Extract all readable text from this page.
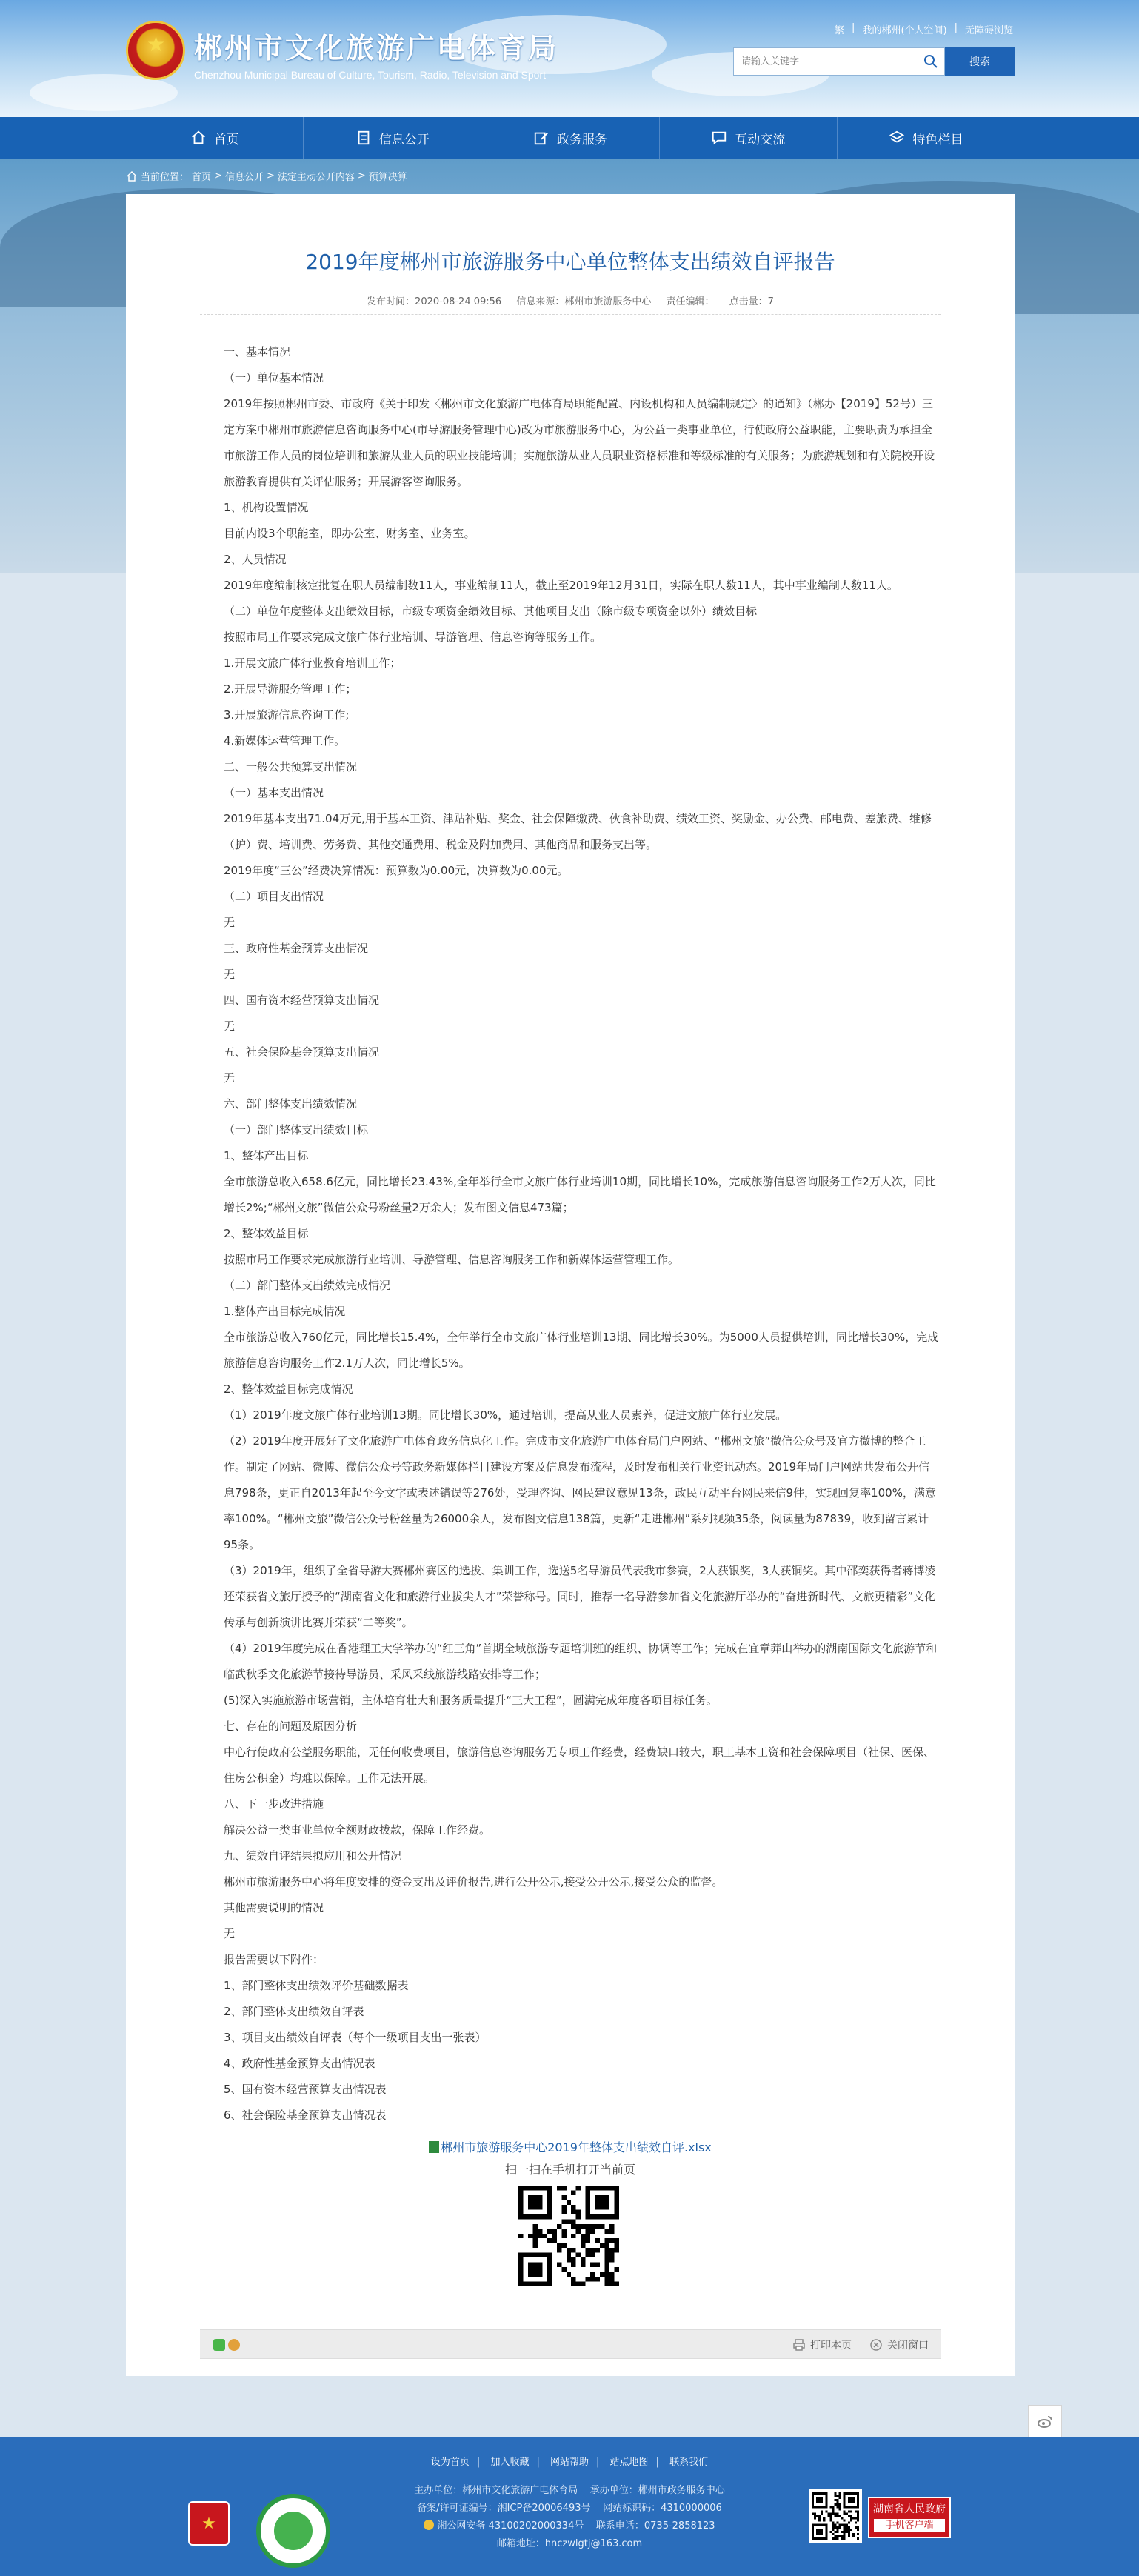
★ 郴州市文化旅游广电体育局
Chenzhou Municipal Bureau of Culture, Tourism, Radio, Television and Sport
繁 | 我的郴州(个人空间) | 无障碍浏览
请输入关键字
搜索
首页	信息公开	政务服务	互动交流	特色栏目
当前位置： 首页 > 信息公开 > 法定主动公开内容 > 预算决算
2019年度郴州市旅游服务中心单位整体支出绩效自评报告
发布时间：2020-08-24 09:56 信息来源：郴州市旅游服务中心 责任编辑： 点击量：7

一、基本情况

（一）单位基本情况

2019年按照郴州市委、市政府《关于印发〈郴州市文化旅游广电体育局职能配置、内设机构和人员编制规定〉的通知》（郴办【2019】52号）三定方案中郴州市旅游信息咨询服务中心(市导游服务管理中心)改为市旅游服务中心，为公益一类事业单位，行使政府公益职能，主要职责为承担全市旅游工作人员的岗位培训和旅游从业人员的职业技能培训；实施旅游从业人员职业资格标准和等级标准的有关服务；为旅游规划和有关院校开设旅游教育提供有关评估服务；开展游客咨询服务。

1、机构设置情况

目前内设3个职能室，即办公室、财务室、业务室。

2、人员情况

2019年度编制核定批复在职人员编制数11人，事业编制11人，截止至2019年12月31日，实际在职人数11人，其中事业编制人数11人。

（二）单位年度整体支出绩效目标，市级专项资金绩效目标、其他项目支出（除市级专项资金以外）绩效目标

按照市局工作要求完成文旅广体行业培训、导游管理、信息咨询等服务工作。

1.开展文旅广体行业教育培训工作；

2.开展导游服务管理工作；

3.开展旅游信息咨询工作;

4.新媒体运营管理工作。

二、一般公共预算支出情况

（一）基本支出情况

2019年基本支出71.04万元,用于基本工资、津贴补贴、奖金、社会保障缴费、伙食补助费、绩效工资、奖励金、办公费、邮电费、差旅费、维修（护）费、培训费、劳务费、其他交通费用、税金及附加费用、其他商品和服务支出等。

2019年度“三公”经费决算情况：预算数为0.00元，决算数为0.00元。

（二）项目支出情况

无

三、政府性基金预算支出情况

无

四、国有资本经营预算支出情况

无

五、社会保险基金预算支出情况

无

六、部门整体支出绩效情况

（一）部门整体支出绩效目标

1、整体产出目标

全市旅游总收入658.6亿元，同比增长23.43%,全年举行全市文旅广体行业培训10期，同比增长10%，完成旅游信息咨询服务工作2万人次，同比增长2%;“郴州文旅”微信公众号粉丝量2万余人；发布图文信息473篇；

2、整体效益目标

按照市局工作要求完成旅游行业培训、导游管理、信息咨询服务工作和新媒体运营管理工作。

（二）部门整体支出绩效完成情况

1.整体产出目标完成情况

全市旅游总收入760亿元，同比增长15.4%，全年举行全市文旅广体行业培训13期、同比增长30%。为5000人员提供培训，同比增长30%，完成旅游信息咨询服务工作2.1万人次，同比增长5%。

2、整体效益目标完成情况

（1）2019年度文旅广体行业培训13期。同比增长30%，通过培训，提高从业人员素养，促进文旅广体行业发展。

（2）2019年度开展好了文化旅游广电体育政务信息化工作。完成市文化旅游广电体育局门户网站、“郴州文旅”微信公众号及官方微博的整合工作。制定了网站、微博、微信公众号等政务新媒体栏目建设方案及信息发布流程，及时发布相关行业资讯动态。2019年局门户网站共发布公开信息798条，更正自2013年起至今文字或表述错误等276处，受理咨询、网民建议意见13条，政民互动平台网民来信9件，实现回复率100%，满意率100%。“郴州文旅”微信公众号粉丝量为26000余人，发布图文信息138篇，更新“走进郴州”系列视频35条，阅读量为87839，收到留言累计95条。

（3）2019年，组织了全省导游大赛郴州赛区的选拔、集训工作，选送5名导游员代表我市参赛，2人获银奖，3人获铜奖。其中邵奕获得者蒋博凌还荣获省文旅厅授予的“湖南省文化和旅游行业拔尖人才”荣誉称号。同时，推荐一名导游参加省文化旅游厅举办的“奋进新时代、文旅更精彩”文化传承与创新演讲比赛并荣获“二等奖”。

（4）2019年度完成在香港理工大学举办的“红三角”首期全域旅游专题培训班的组织、协调等工作；完成在宜章莽山举办的湖南国际文化旅游节和临武秋季文化旅游节接待导游员、采风采线旅游线路安排等工作；

(5)深入实施旅游市场营销，主体培育壮大和服务质量提升“三大工程”，圆满完成年度各项目标任务。

七、存在的问题及原因分析

中心行使政府公益服务职能，无任何收费项目，旅游信息咨询服务无专项工作经费，经费缺口较大，职工基本工资和社会保障项目（社保、医保、住房公积金）均难以保障。工作无法开展。

八、下一步改进措施

解决公益一类事业单位全额财政拨款，保障工作经费。

九、绩效自评结果拟应用和公开情况

郴州市旅游服务中心将年度安排的资金支出及评价报告,进行公开公示,接受公开公示,接受公众的监督。

其他需要说明的情况

无

报告需要以下附件：

1、部门整体支出绩效评价基础数据表

2、部门整体支出绩效自评表

3、项目支出绩效自评表（每个一级项目支出一张表）

4、政府性基金预算支出情况表

5、国有资本经营预算支出情况表

6、社会保险基金预算支出情况表

郴州市旅游服务中心2019年整体支出绩效自评.xlsx
扫一扫在手机打开当前页
打印本页	关闭窗口
设为首页 | 加入收藏 | 网站帮助 | 站点地图 | 联系我们
★
主办单位：郴州市文化旅游广电体育局 承办单位：郴州市政务服务中心
备案/许可证编号：湘ICP备20006493号 网站标识码：4310000006
湘公网安备 43100202000334号 联系电话：0735-2858123
邮箱地址：hnczwlgtj@163.com
湖南省人民政府
手机客户端
